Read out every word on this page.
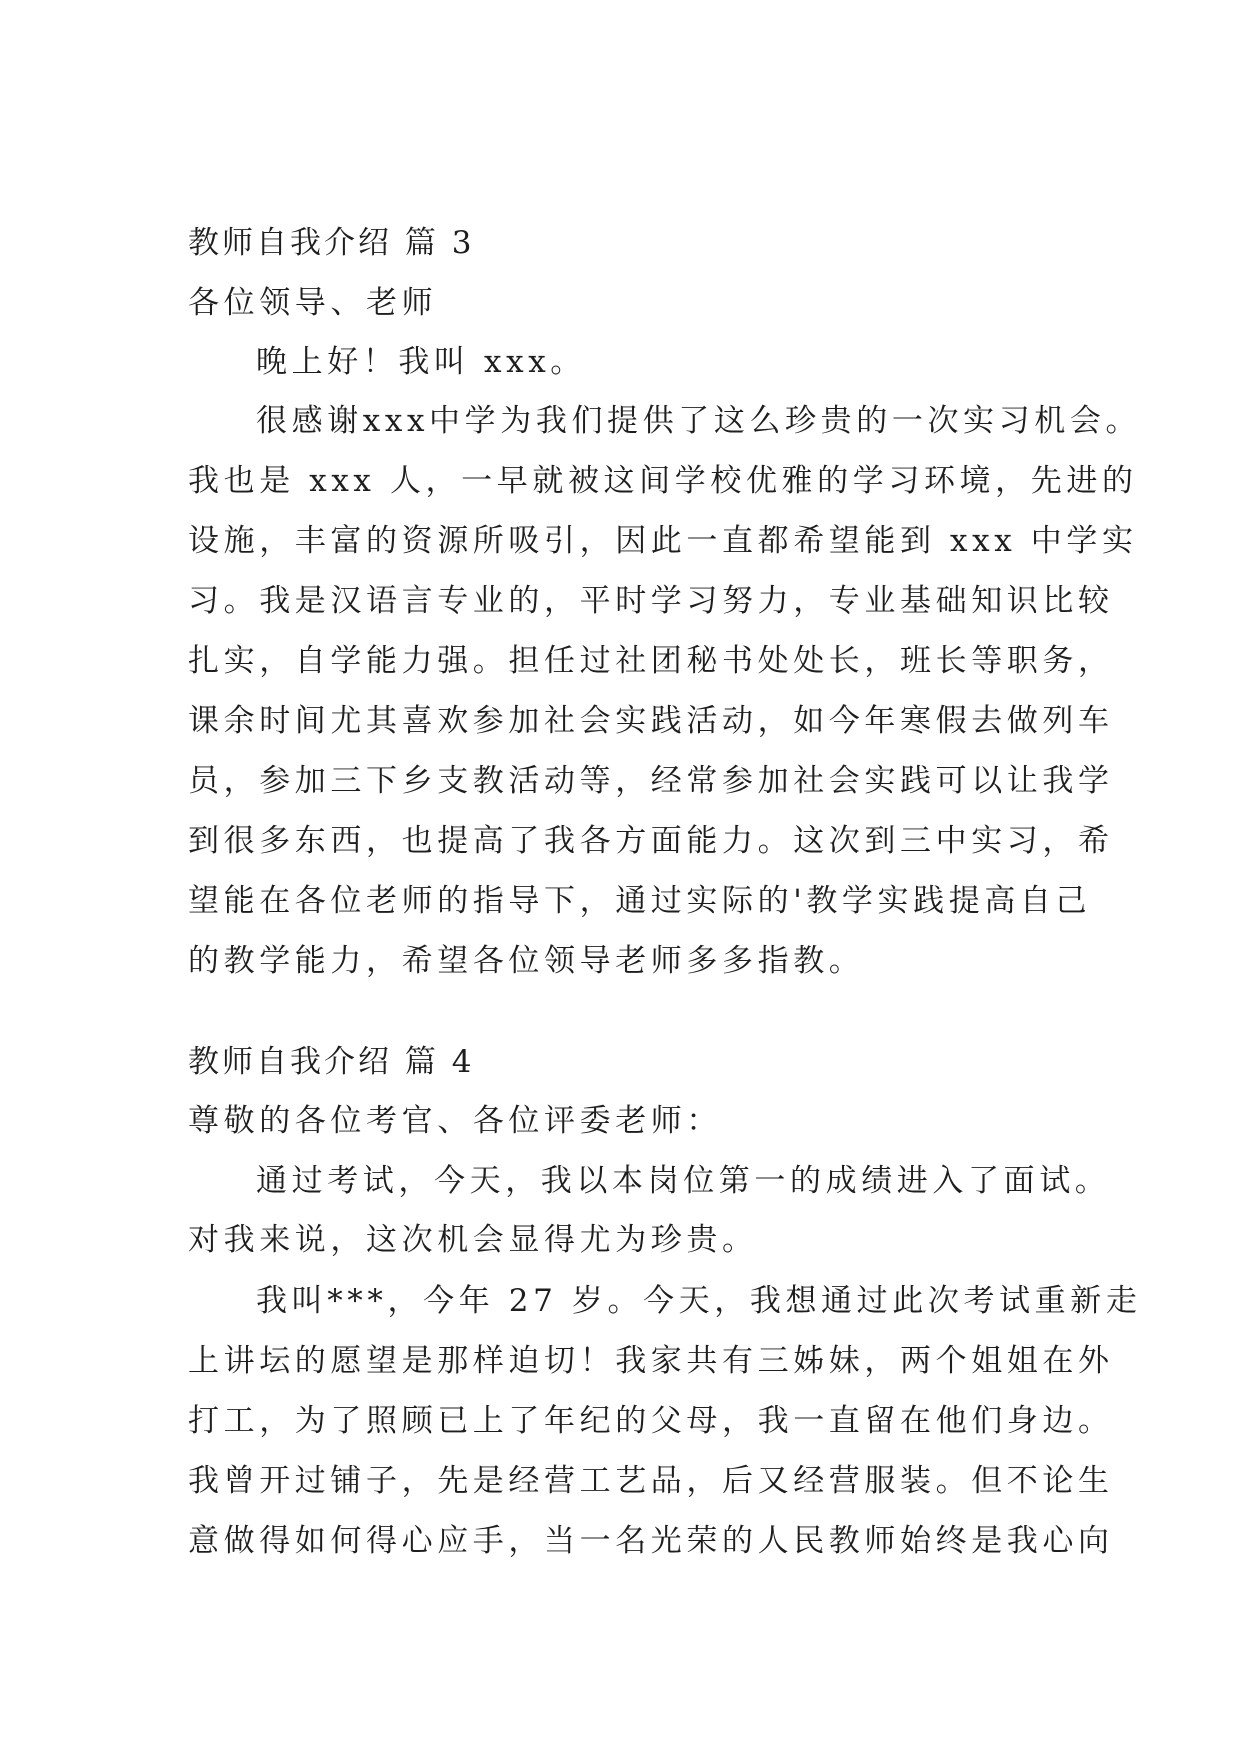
教师自我介绍 篇 3

各位领导、老师

晚上好！我叫 xxx。

很感谢xxx中学为我们提供了这么珍贵的一次实习机会。

我也是 xxx 人，一早就被这间学校优雅的学习环境，先进的

设施，丰富的资源所吸引，因此一直都希望能到 xxx 中学实

习。我是汉语言专业的，平时学习努力，专业基础知识比较

扎实，自学能力强。担任过社团秘书处处长，班长等职务，

课余时间尤其喜欢参加社会实践活动，如今年寒假去做列车

员，参加三下乡支教活动等，经常参加社会实践可以让我学

到很多东西，也提高了我各方面能力。这次到三中实习，希

望能在各位老师的指导下，通过实际的'教学实践提高自己

的教学能力，希望各位领导老师多多指教。

教师自我介绍 篇 4

尊敬的各位考官、各位评委老师：

通过考试，今天，我以本岗位第一的成绩进入了面试。

对我来说，这次机会显得尤为珍贵。

我叫***，今年 27 岁。今天，我想通过此次考试重新走

上讲坛的愿望是那样迫切！我家共有三姊妹，两个姐姐在外

打工，为了照顾已上了年纪的父母，我一直留在他们身边。

我曾开过铺子，先是经营工艺品，后又经营服装。但不论生

意做得如何得心应手，当一名光荣的人民教师始终是我心向
